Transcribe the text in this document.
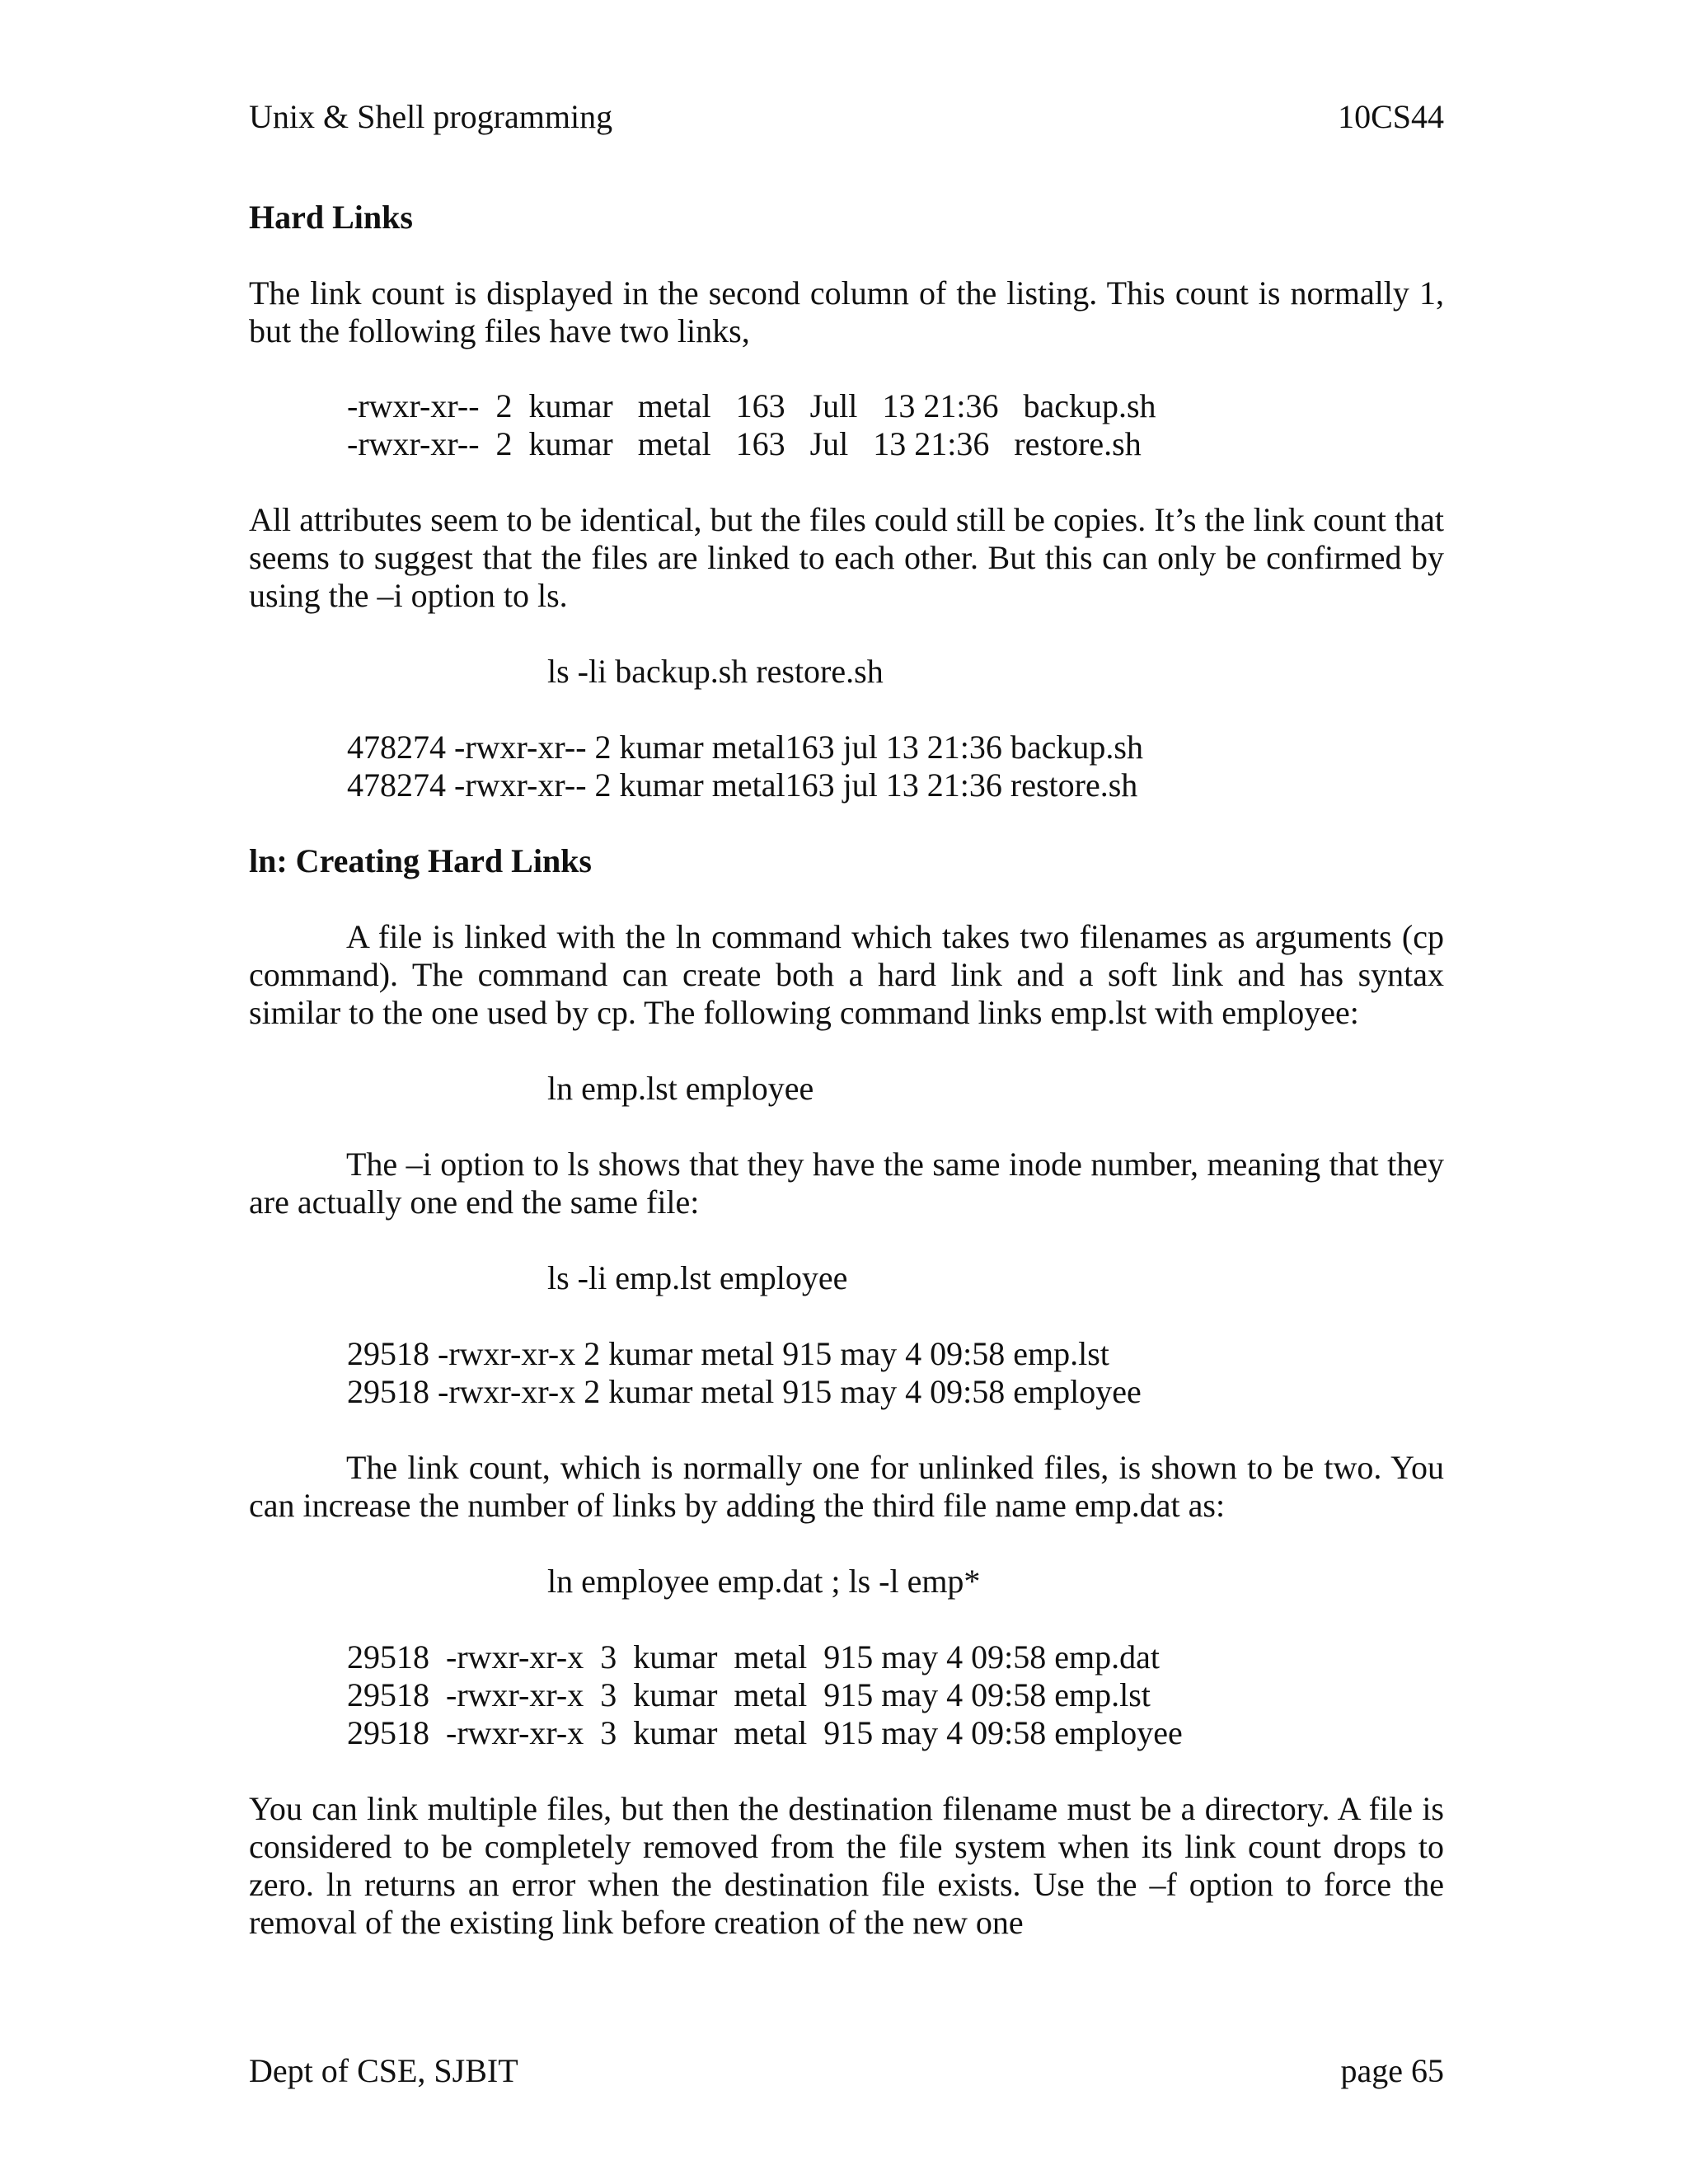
Unix & Shell programming	10CS44
Hard Links

The link count is displayed in the second column of the listing. This count is normally 1, but the following files have two links,

-rwxr-xr--  2  kumar   metal   163   Jull   13 21:36   backup.sh
-rwxr-xr--  2  kumar   metal   163   Jul   13 21:36   restore.sh

All attributes seem to be identical, but the files could still be copies. It’s the link count that seems to suggest that the files are linked to each other. But this can only be confirmed by using the –i option to ls.

ls -li backup.sh restore.sh
478274 -rwxr-xr-- 2 kumar metal163 jul 13 21:36 backup.sh
478274 -rwxr-xr-- 2 kumar metal163 jul 13 21:36 restore.sh
ln: Creating Hard Links

A file is linked with the ln command which takes two filenames as arguments (cp command). The command can create both a hard link and a soft link and has syntax similar to the one used by cp. The following command links emp.lst with employee:

ln emp.lst employee

The –i option to ls shows that they have the same inode number, meaning that they are actually one end the same file:

ls -li emp.lst employee
29518 -rwxr-xr-x 2 kumar metal 915 may 4 09:58 emp.lst
29518 -rwxr-xr-x 2 kumar metal 915 may 4 09:58 employee

The link count, which is normally one for unlinked files, is shown to be two. You can increase the number of links by adding the third file name emp.dat as:

ln employee emp.dat ; ls -l emp*
29518  -rwxr-xr-x  3  kumar  metal  915 may 4 09:58 emp.dat
29518  -rwxr-xr-x  3  kumar  metal  915 may 4 09:58 emp.lst
29518  -rwxr-xr-x  3  kumar  metal  915 may 4 09:58 employee

You can link multiple files, but then the destination filename must be a directory. A file is considered to be completely removed from the file system when its link count drops to zero. ln returns an error when the destination file exists. Use the –f option to force the removal of the existing link before creation of the new one

Dept of CSE, SJBIT	page 65
